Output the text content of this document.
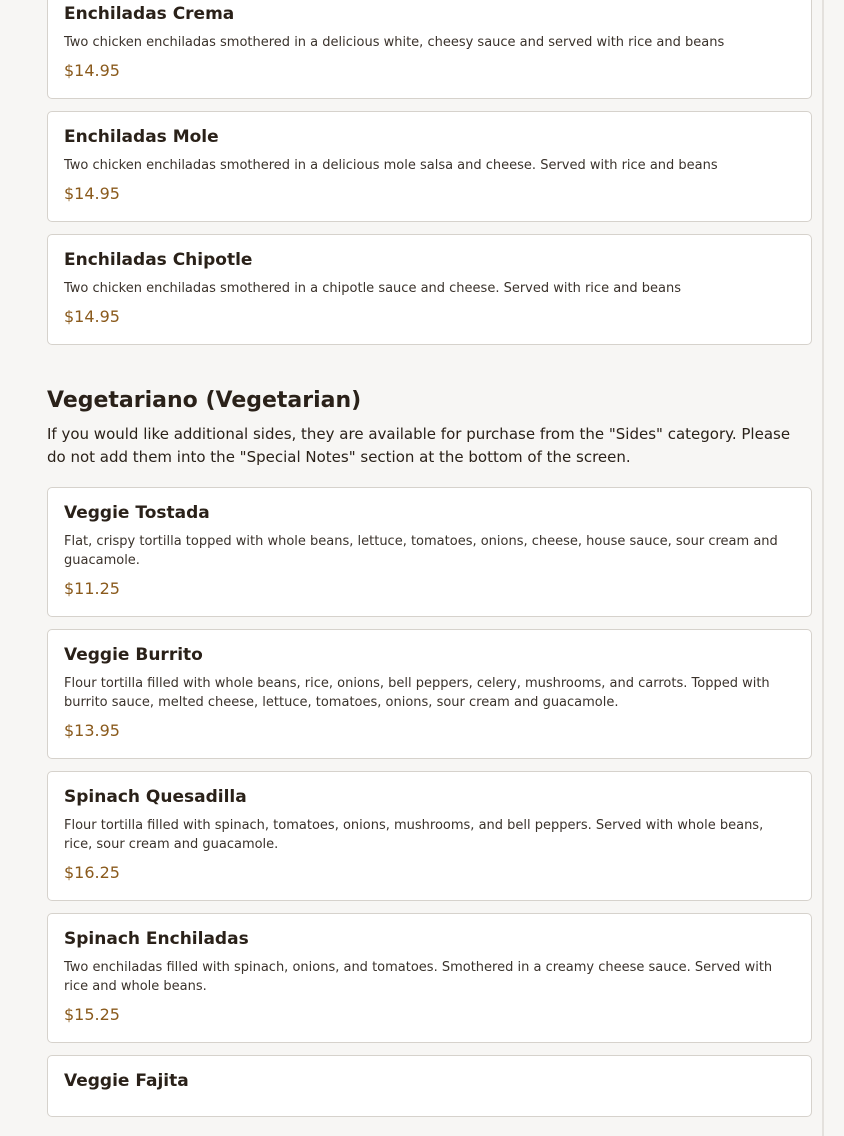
Enchiladas Crema
Two chicken enchiladas smothered in a delicious white, cheesy sauce and served with rice and beans
$14.95
Enchiladas Mole
Two chicken enchiladas smothered in a delicious mole salsa and cheese. Served with rice and beans
$14.95
Enchiladas Chipotle
Two chicken enchiladas smothered in a chipotle sauce and cheese. Served with rice and beans
$14.95
Vegetariano (Vegetarian)
If you would like additional sides, they are available for purchase from the "Sides" category. Please do not add them into the "Special Notes" section at the bottom of the screen.
Veggie Tostada
Flat, crispy tortilla topped with whole beans, lettuce, tomatoes, onions, cheese, house sauce, sour cream and guacamole.
$11.25
Veggie Burrito
Flour tortilla filled with whole beans, rice, onions, bell peppers, celery, mushrooms, and carrots. Topped with burrito sauce, melted cheese, lettuce, tomatoes, onions, sour cream and guacamole.
$13.95
Spinach Quesadilla
Flour tortilla filled with spinach, tomatoes, onions, mushrooms, and bell peppers. Served with whole beans, rice, sour cream and guacamole.
$16.25
Spinach Enchiladas
Two enchiladas filled with spinach, onions, and tomatoes. Smothered in a creamy cheese sauce. Served with rice and whole beans.
$15.25
Veggie Fajita
